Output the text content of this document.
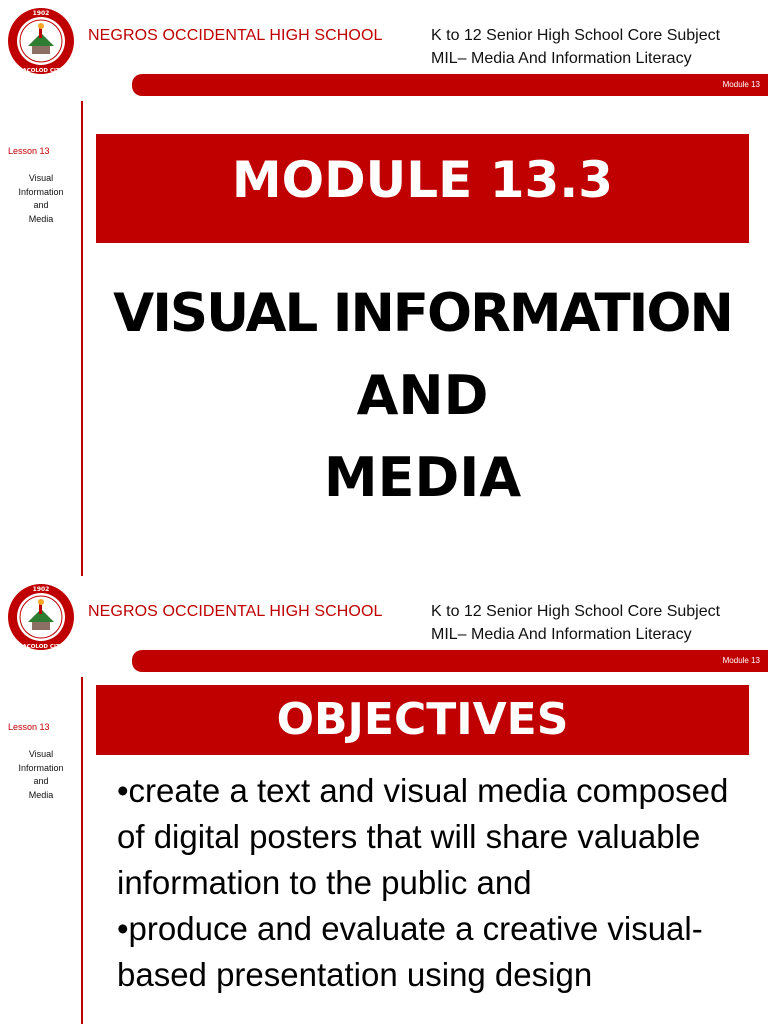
1902
BACOLOD CITY
NEGROS OCCIDENTAL HIGH SCHOOL	K to 12 Senior High School Core Subject
MIL– Media And Information Literacy
Module 13
Lesson 13
Visual
Information
and
Media
MODULE 13.3
VISUAL INFORMATION
AND
MEDIA
1902
BACOLOD CITY
NEGROS OCCIDENTAL HIGH SCHOOL	K to 12 Senior High School Core Subject
MIL– Media And Information Literacy
Module 13
Lesson 13
Visual
Information
and
Media
OBJECTIVES

•create a text and visual media composed of digital posters that will share valuable information to the public and

•produce and evaluate a creative visual-based presentation using design
